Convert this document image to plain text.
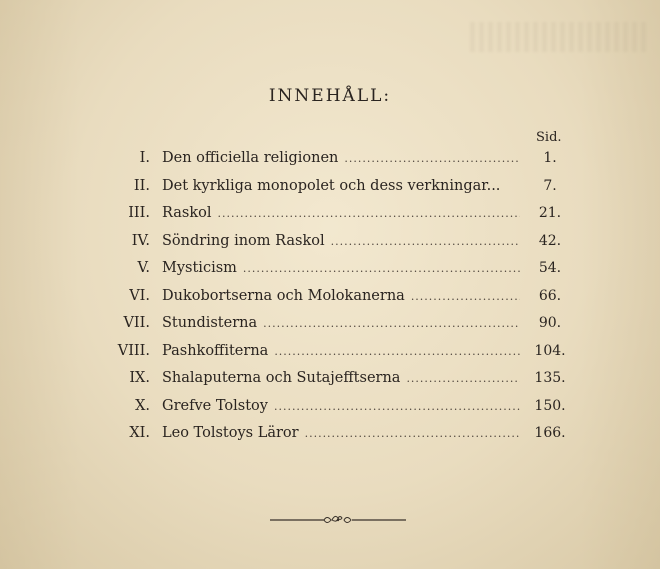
INNEHÅLL:
Sid.
I. Den officiella religionen .....	1.
II. Det kyrkliga monopolet och dess verkningar...	7.
III. Raskol .....	21.
IV. Söndring inom Raskol .....	42.
V. Mysticism .....	54.
VI. Dukobortserna och Molokanerna .....	66.
VII. Stundisterna .....	90.
VIII. Pashkoffiterna .....	104.
IX. Shalaputerna och Sutajefftserna .....	135.
X. Grefve Tolstoy .....	150.
XI. Leo Tolstoys Läror .....	166.
